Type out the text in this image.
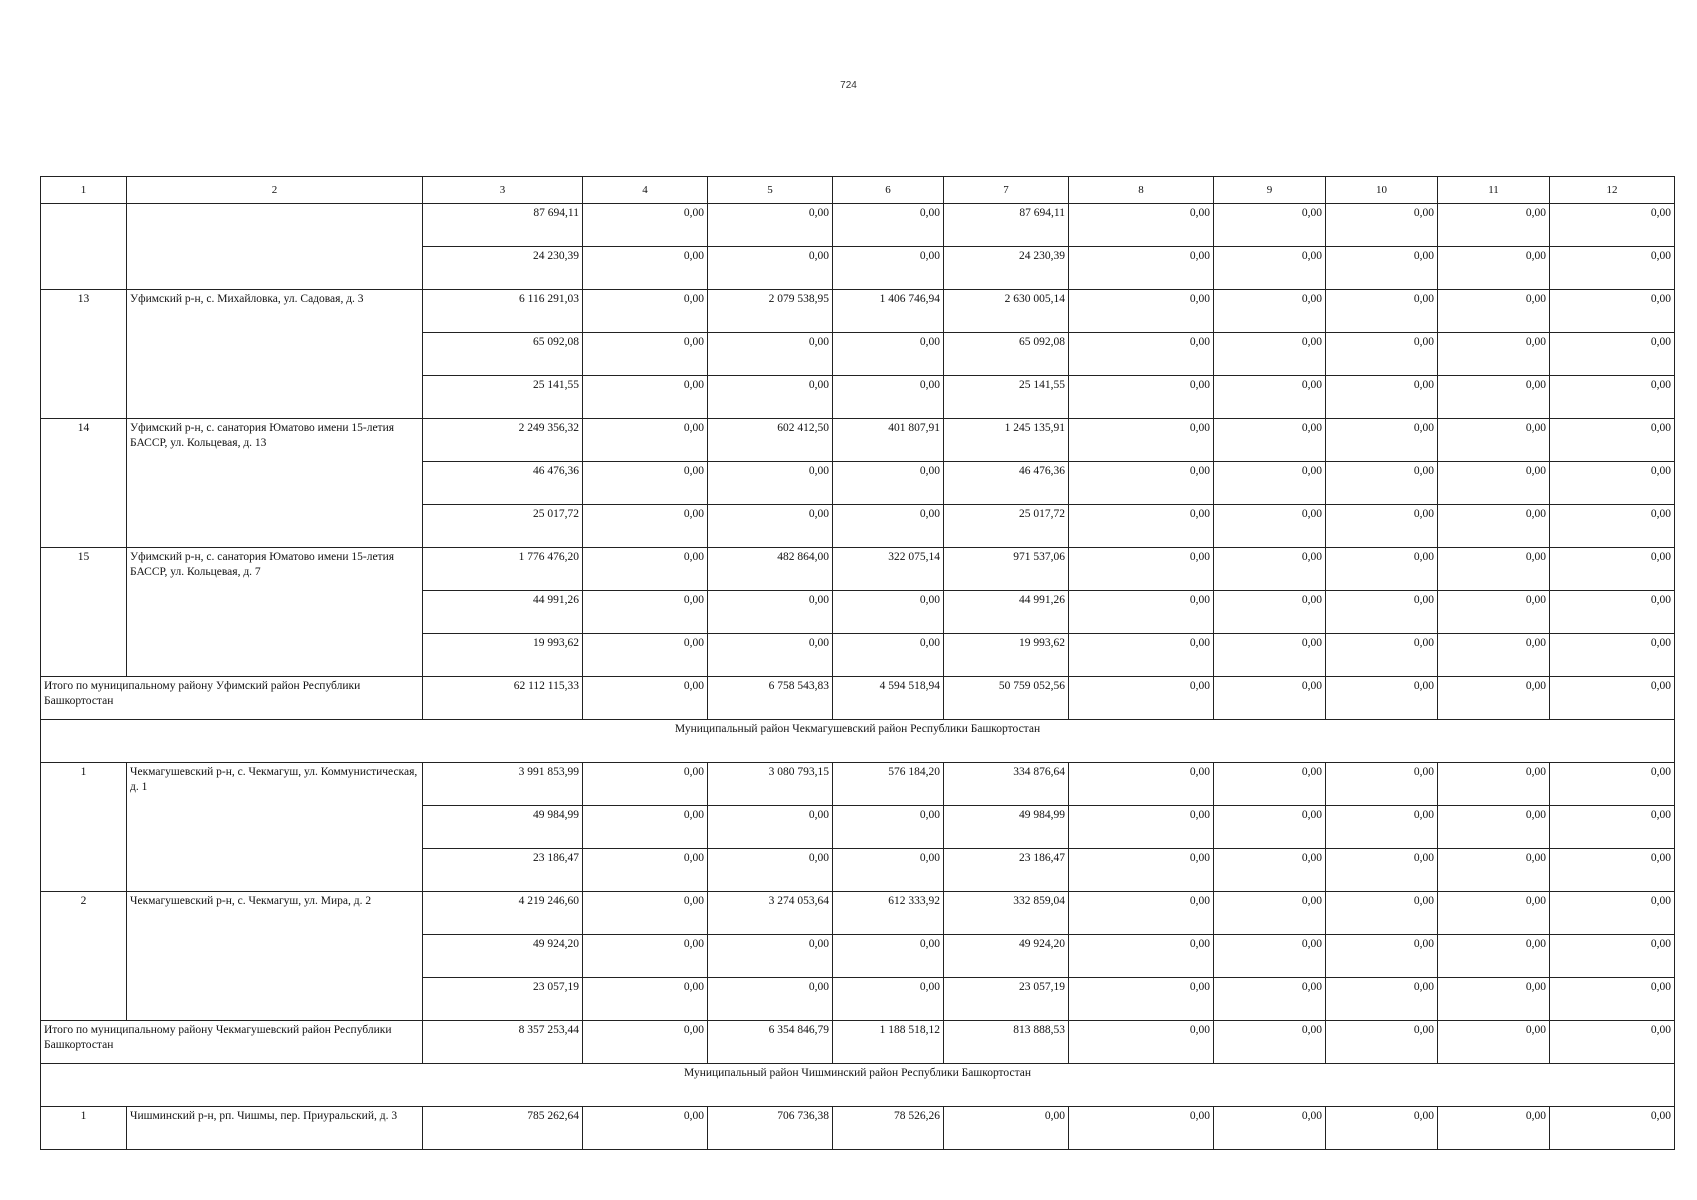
724
1	2	3	4	5	6	7	8	9	10	11	12
		87 694,11	0,00	0,00	0,00	87 694,11	0,00	0,00	0,00	0,00	0,00
		24 230,39	0,00	0,00	0,00	24 230,39	0,00	0,00	0,00	0,00	0,00
13	Уфимский р-н, с. Михайловка, ул. Садовая, д. 3	6 116 291,03	0,00	2 079 538,95	1 406 746,94	2 630 005,14	0,00	0,00	0,00	0,00	0,00
		65 092,08	0,00	0,00	0,00	65 092,08	0,00	0,00	0,00	0,00	0,00
		25 141,55	0,00	0,00	0,00	25 141,55	0,00	0,00	0,00	0,00	0,00
14	Уфимский р-н, с. санатория Юматово имени 15-летия БАССР, ул. Кольцевая, д. 13	2 249 356,32	0,00	602 412,50	401 807,91	1 245 135,91	0,00	0,00	0,00	0,00	0,00
		46 476,36	0,00	0,00	0,00	46 476,36	0,00	0,00	0,00	0,00	0,00
		25 017,72	0,00	0,00	0,00	25 017,72	0,00	0,00	0,00	0,00	0,00
15	Уфимский р-н, с. санатория Юматово имени 15-летия БАССР, ул. Кольцевая, д. 7	1 776 476,20	0,00	482 864,00	322 075,14	971 537,06	0,00	0,00	0,00	0,00	0,00
		44 991,26	0,00	0,00	0,00	44 991,26	0,00	0,00	0,00	0,00	0,00
		19 993,62	0,00	0,00	0,00	19 993,62	0,00	0,00	0,00	0,00	0,00
Итого по муниципальному району Уфимский район Республики Башкортостан		62 112 115,33	0,00	6 758 543,83	4 594 518,94	50 759 052,56	0,00	0,00	0,00	0,00	0,00
Муниципальный район Чекмагушевский район Республики Башкортостан											
1	Чекмагушевский р-н, с. Чекмагуш, ул. Коммунистическая, д. 1	3 991 853,99	0,00	3 080 793,15	576 184,20	334 876,64	0,00	0,00	0,00	0,00	0,00
		49 984,99	0,00	0,00	0,00	49 984,99	0,00	0,00	0,00	0,00	0,00
		23 186,47	0,00	0,00	0,00	23 186,47	0,00	0,00	0,00	0,00	0,00
2	Чекмагушевский р-н, с. Чекмагуш, ул. Мира, д. 2	4 219 246,60	0,00	3 274 053,64	612 333,92	332 859,04	0,00	0,00	0,00	0,00	0,00
		49 924,20	0,00	0,00	0,00	49 924,20	0,00	0,00	0,00	0,00	0,00
		23 057,19	0,00	0,00	0,00	23 057,19	0,00	0,00	0,00	0,00	0,00
Итого по муниципальному району Чекмагушевский район Республики Башкортостан		8 357 253,44	0,00	6 354 846,79	1 188 518,12	813 888,53	0,00	0,00	0,00	0,00	0,00
Муниципальный район Чишминский район Республики Башкортостан											
1	Чишминский р-н, рп. Чишмы, пер. Приуральский, д. 3	785 262,64	0,00	706 736,38	78 526,26	0,00	0,00	0,00	0,00	0,00	0,00
